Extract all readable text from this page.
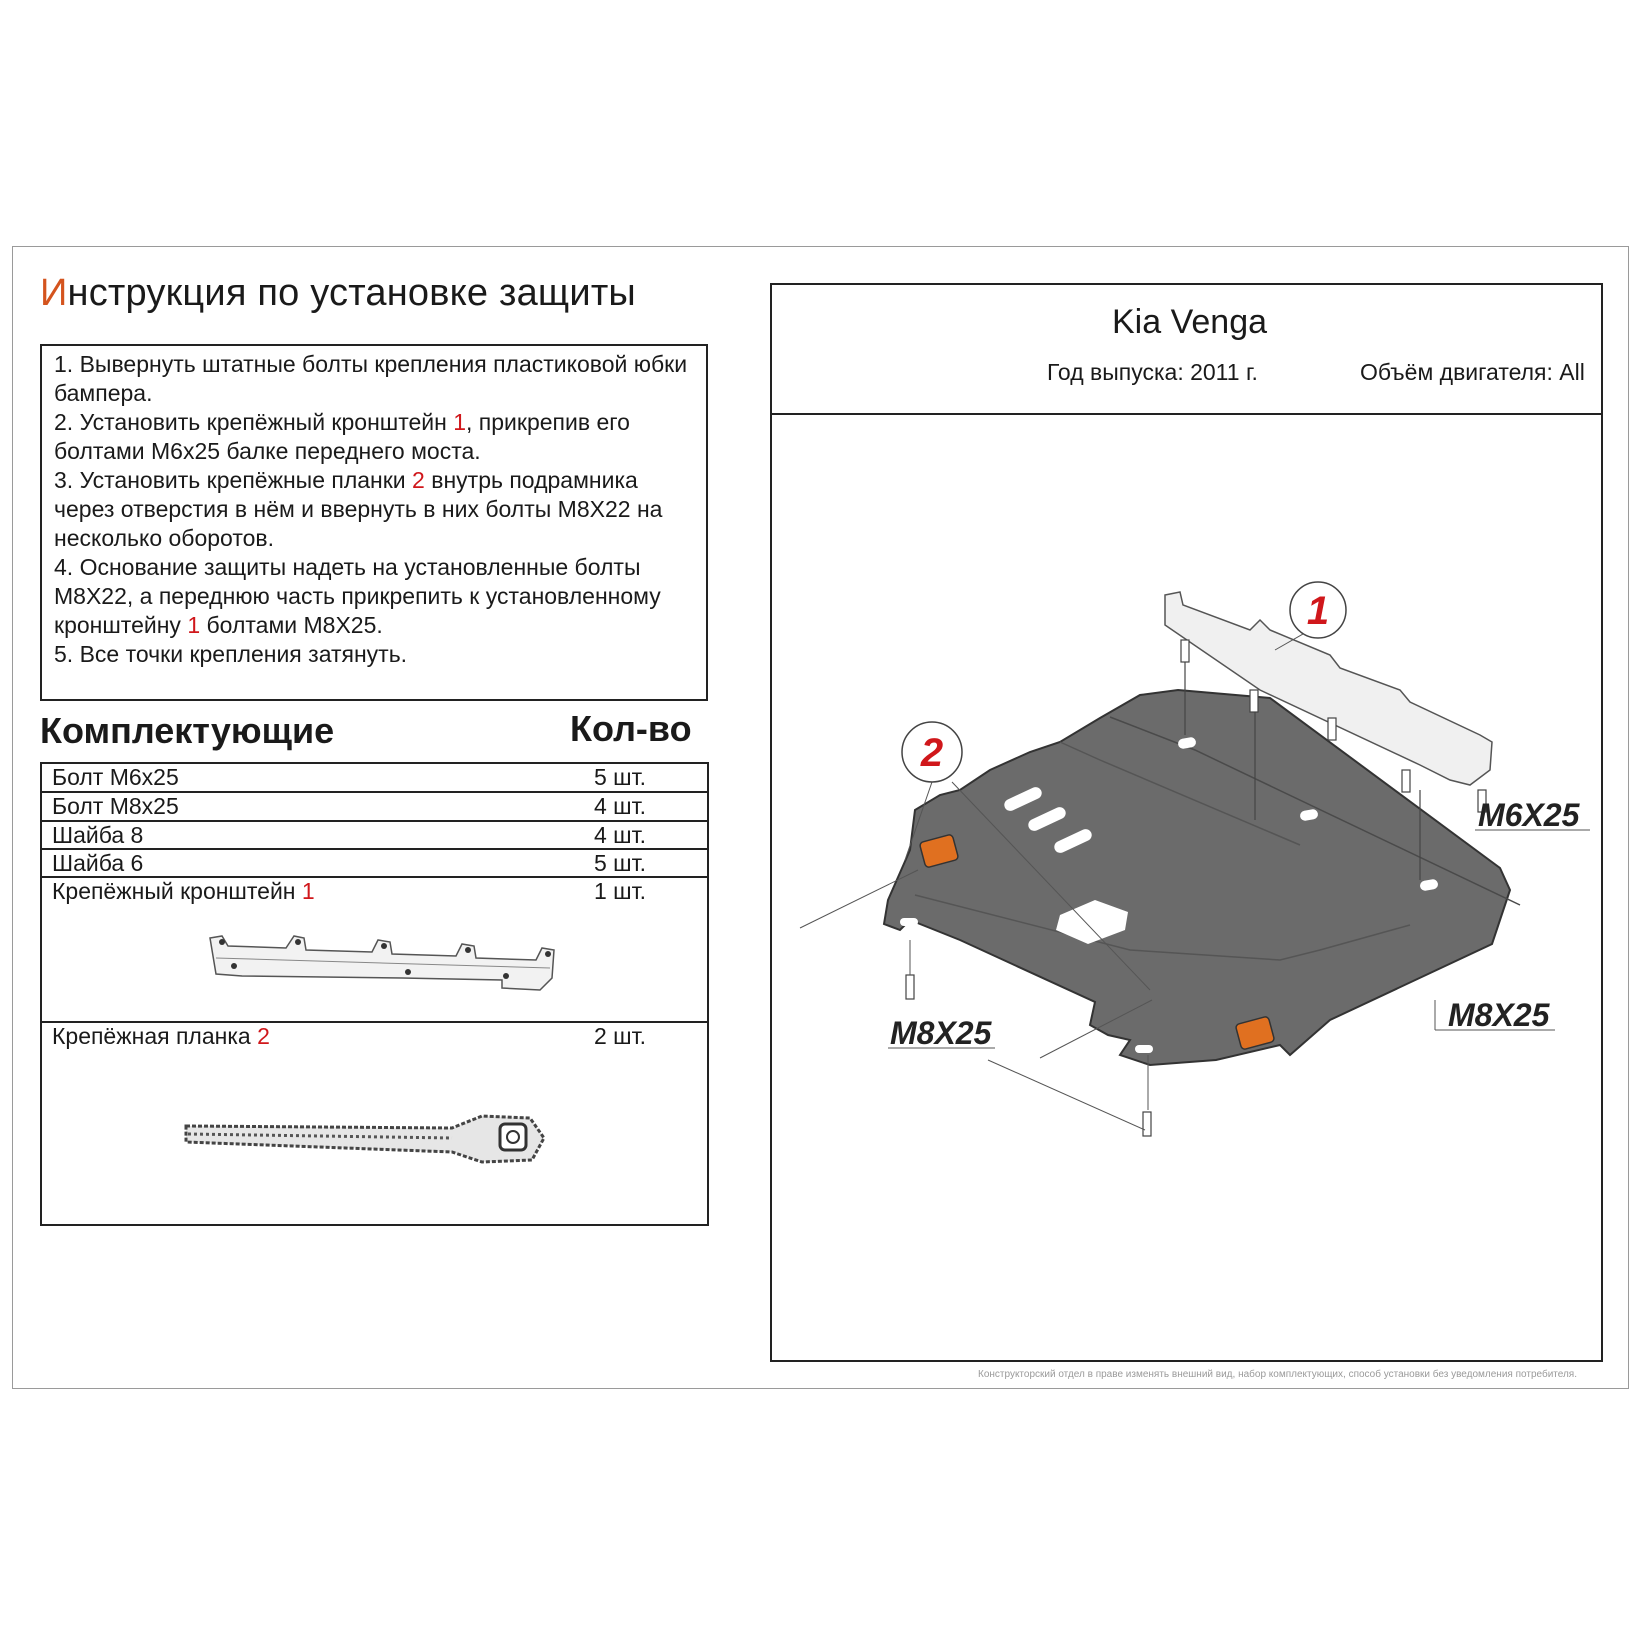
Инструкция по установке защиты

1. Вывернуть штатные болты крепления пластиковой юбки бампера.

2. Установить крепёжный кронштейн 1, прикрепив его болтами М6х25 балке переднего моста.

3. Установить крепёжные планки 2 внутрь подрамника через отверстия в нём и ввернуть в них болты М8Х22 на несколько оборотов.

4. Основание защиты надеть на установленные болты М8Х22, а переднюю часть прикрепить к установленному кронштейну 1 болтами М8Х25.

5. Все точки крепления затянуть.

Комплектующие	Кол-во
Болт М6х25	5 шт.
Болт М8х25	4 шт.
Шайба 8	4 шт.
Шайба 6	5 шт.
Крепёжный кронштейн 1	1 шт.
Крепёжная планка 2	2 шт.
Kia Venga
Год выпуска: 2011 г.	Объём двигателя: All
1
2
M6X25
M8X25
M8X25
Конструкторский отдел в праве изменять внешний вид, набор комплектующих, способ установки без уведомления потребителя.
